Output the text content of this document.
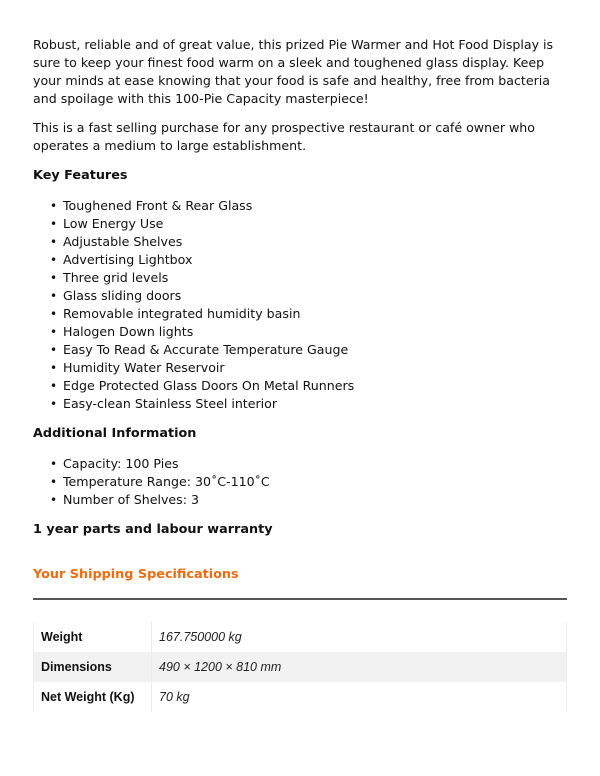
Robust, reliable and of great value, this prized Pie Warmer and Hot Food Display is sure to keep your finest food warm on a sleek and toughened glass display. Keep your minds at ease knowing that your food is safe and healthy, free from bacteria and spoilage with this 100-Pie Capacity masterpiece!

This is a fast selling purchase for any prospective restaurant or café owner who operates a medium to large establishment.

Key Features
• Toughened Front & Rear Glass
• Low Energy Use
• Adjustable Shelves
• Advertising Lightbox
• Three grid levels
• Glass sliding doors
• Removable integrated humidity basin
• Halogen Down lights
• Easy To Read & Accurate Temperature Gauge
• Humidity Water Reservoir
• Edge Protected Glass Doors On Metal Runners
• Easy-clean Stainless Steel interior
Additional Information
• Capacity: 100 Pies
• Temperature Range: 30˚C-110˚C
• Number of Shelves: 3
1 year parts and labour warranty
Your Shipping Specifications
Weight	167.750000 kg
Dimensions	490 × 1200 × 810 mm
Net Weight (Kg)	70 kg
